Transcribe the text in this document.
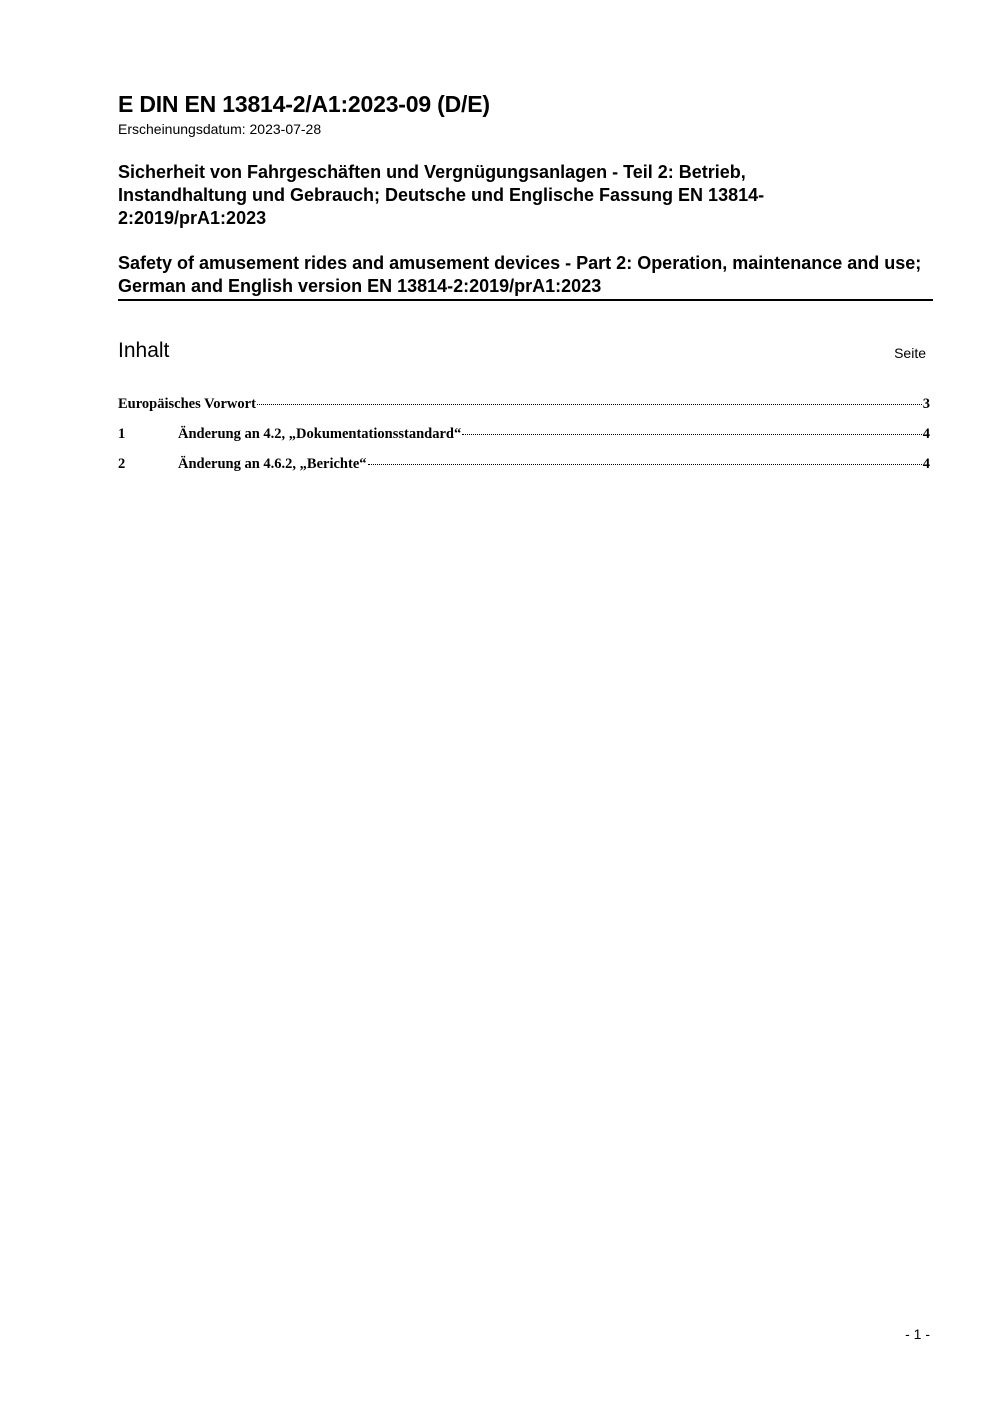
E DIN EN 13814-2/A1:2023-09 (D/E)
Erscheinungsdatum: 2023-07-28
Sicherheit von Fahrgeschäften und Vergnügungsanlagen - Teil 2: Betrieb, Instandhaltung und Gebrauch; Deutsche und Englische Fassung EN 13814-2:2019/prA1:2023
Safety of amusement rides and amusement devices - Part 2: Operation, maintenance and use; German and English version EN 13814-2:2019/prA1:2023
Inhalt	Seite
Europäisches Vorwort	3
1	Änderung an 4.2, „Dokumentationsstandard“	4
2	Änderung an 4.6.2, „Berichte“	4
- 1 -
